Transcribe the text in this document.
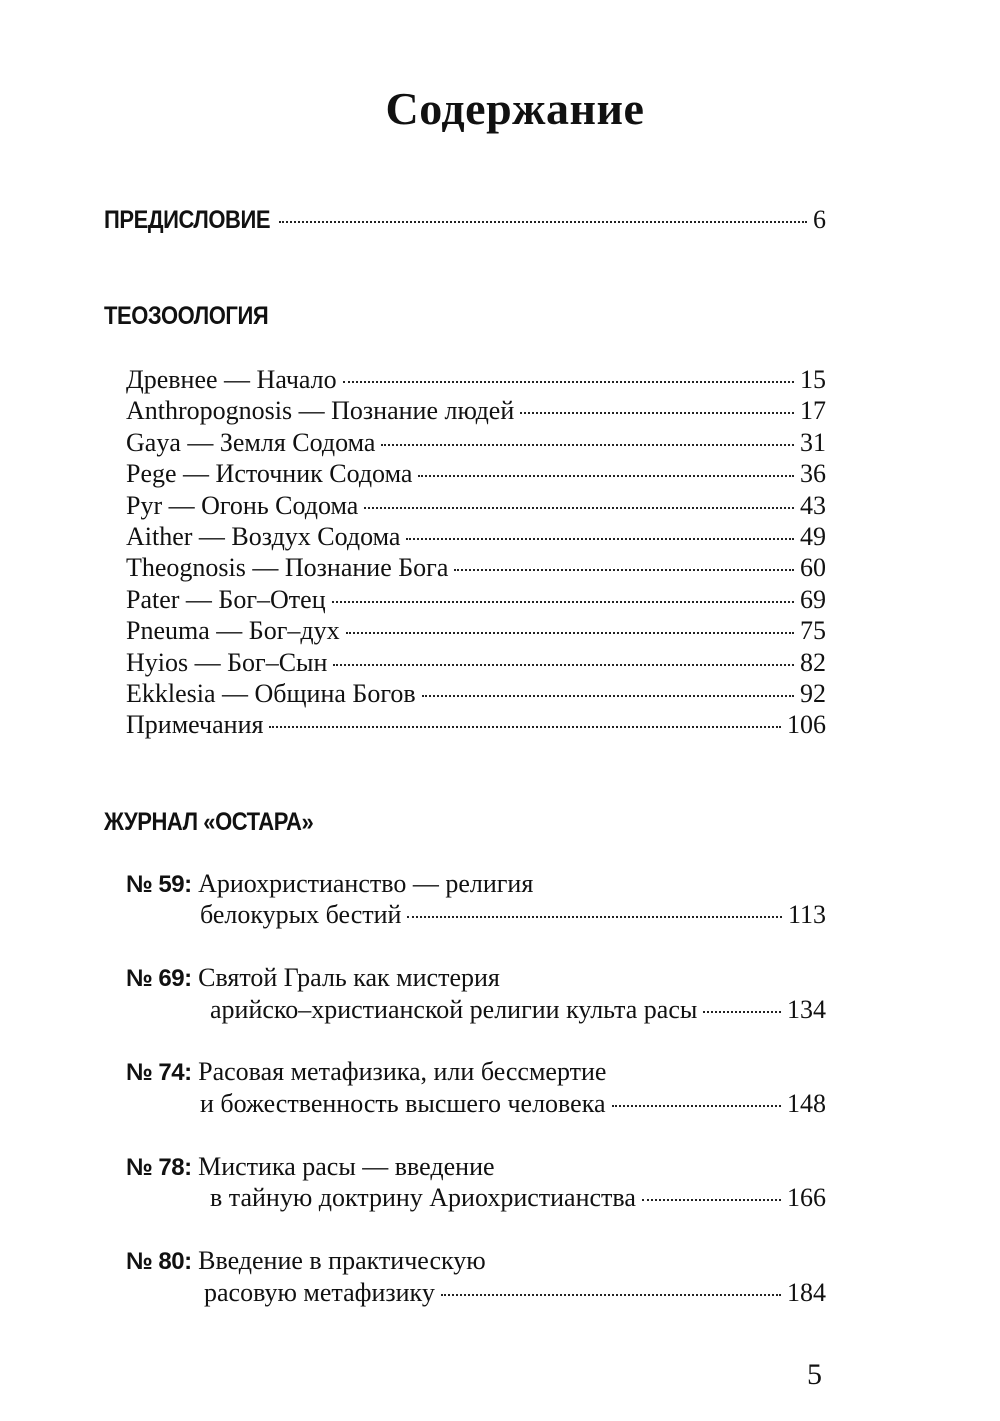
Содержание
ПРЕДИСЛОВИЕ	6
ТЕОЗООЛОГИЯ
Древнее — Начало	15
Anthropognosis — Познание людей	17
Gaya — Земля Содома	31
Pege — Источник Содома	36
Pyr — Огонь Содома	43
Aither — Воздух Содома	49
Theognosis — Познание Бога	60
Pater — Бог–Отец	69
Pneuma — Бог–дух	75
Hyios — Бог–Сын	82
Ekklesia — Община Богов	92
Примечания	106
ЖУРНАЛ «ОСТАРА»
№ 59: Ариохристианство — религия
белокурых бестий	113
№ 69: Святой Граль как мистерия
арийско–христианской религии культа расы	134
№ 74: Расовая метафизика, или бессмертие
и божественность высшего человека	148
№ 78: Мистика расы — введение
в тайную доктрину Ариохристианства	166
№ 80: Введение в практическую
расовую метафизику	184
5
